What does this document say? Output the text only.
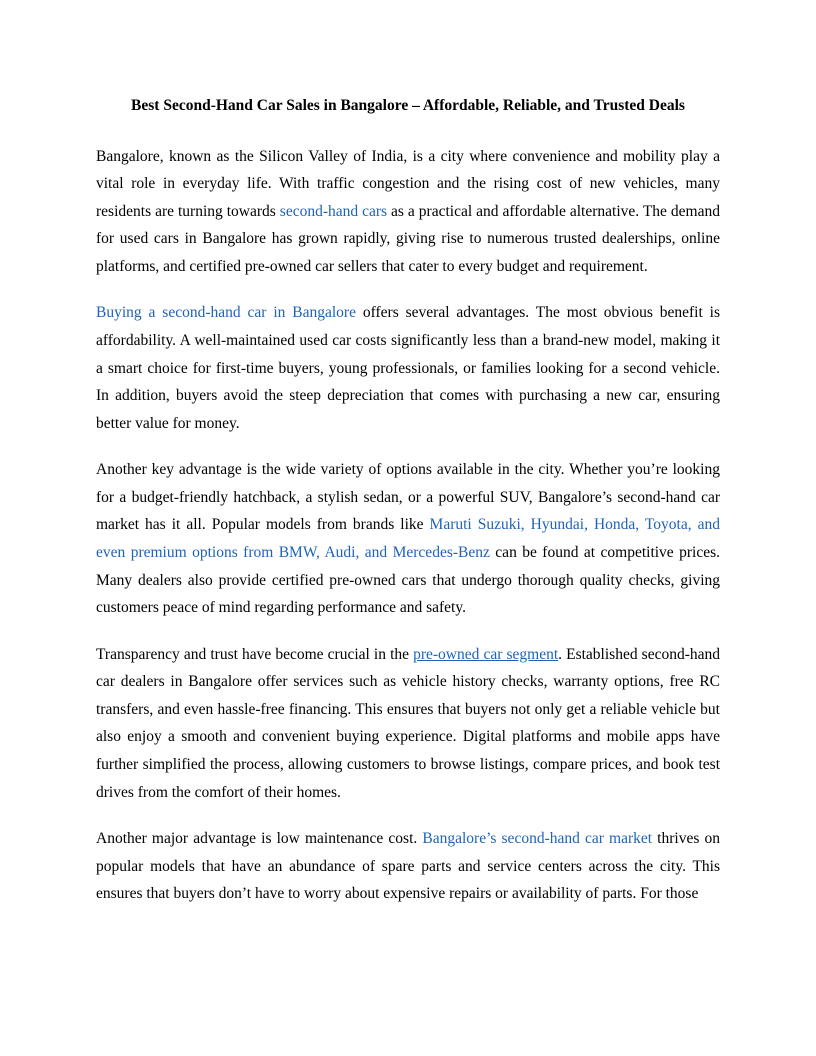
Best Second-Hand Car Sales in Bangalore – Affordable, Reliable, and Trusted Deals

Bangalore, known as the Silicon Valley of India, is a city where convenience and mobility play a vital role in everyday life. With traffic congestion and the rising cost of new vehicles, many residents are turning towards second-hand cars as a practical and affordable alternative. The demand for used cars in Bangalore has grown rapidly, giving rise to numerous trusted dealerships, online platforms, and certified pre-owned car sellers that cater to every budget and requirement.

Buying a second-hand car in Bangalore offers several advantages. The most obvious benefit is affordability. A well-maintained used car costs significantly less than a brand-new model, making it a smart choice for first-time buyers, young professionals, or families looking for a second vehicle. In addition, buyers avoid the steep depreciation that comes with purchasing a new car, ensuring better value for money.

Another key advantage is the wide variety of options available in the city. Whether you’re looking for a budget-friendly hatchback, a stylish sedan, or a powerful SUV, Bangalore’s second-hand car market has it all. Popular models from brands like Maruti Suzuki, Hyundai, Honda, Toyota, and even premium options from BMW, Audi, and Mercedes-Benz can be found at competitive prices. Many dealers also provide certified pre-owned cars that undergo thorough quality checks, giving customers peace of mind regarding performance and safety.

Transparency and trust have become crucial in the pre-owned car segment. Established second-hand car dealers in Bangalore offer services such as vehicle history checks, warranty options, free RC transfers, and even hassle-free financing. This ensures that buyers not only get a reliable vehicle but also enjoy a smooth and convenient buying experience. Digital platforms and mobile apps have further simplified the process, allowing customers to browse listings, compare prices, and book test drives from the comfort of their homes.

Another major advantage is low maintenance cost. Bangalore’s second-hand car market thrives on popular models that have an abundance of spare parts and service centers across the city. This ensures that buyers don’t have to worry about expensive repairs or availability of parts. For those
